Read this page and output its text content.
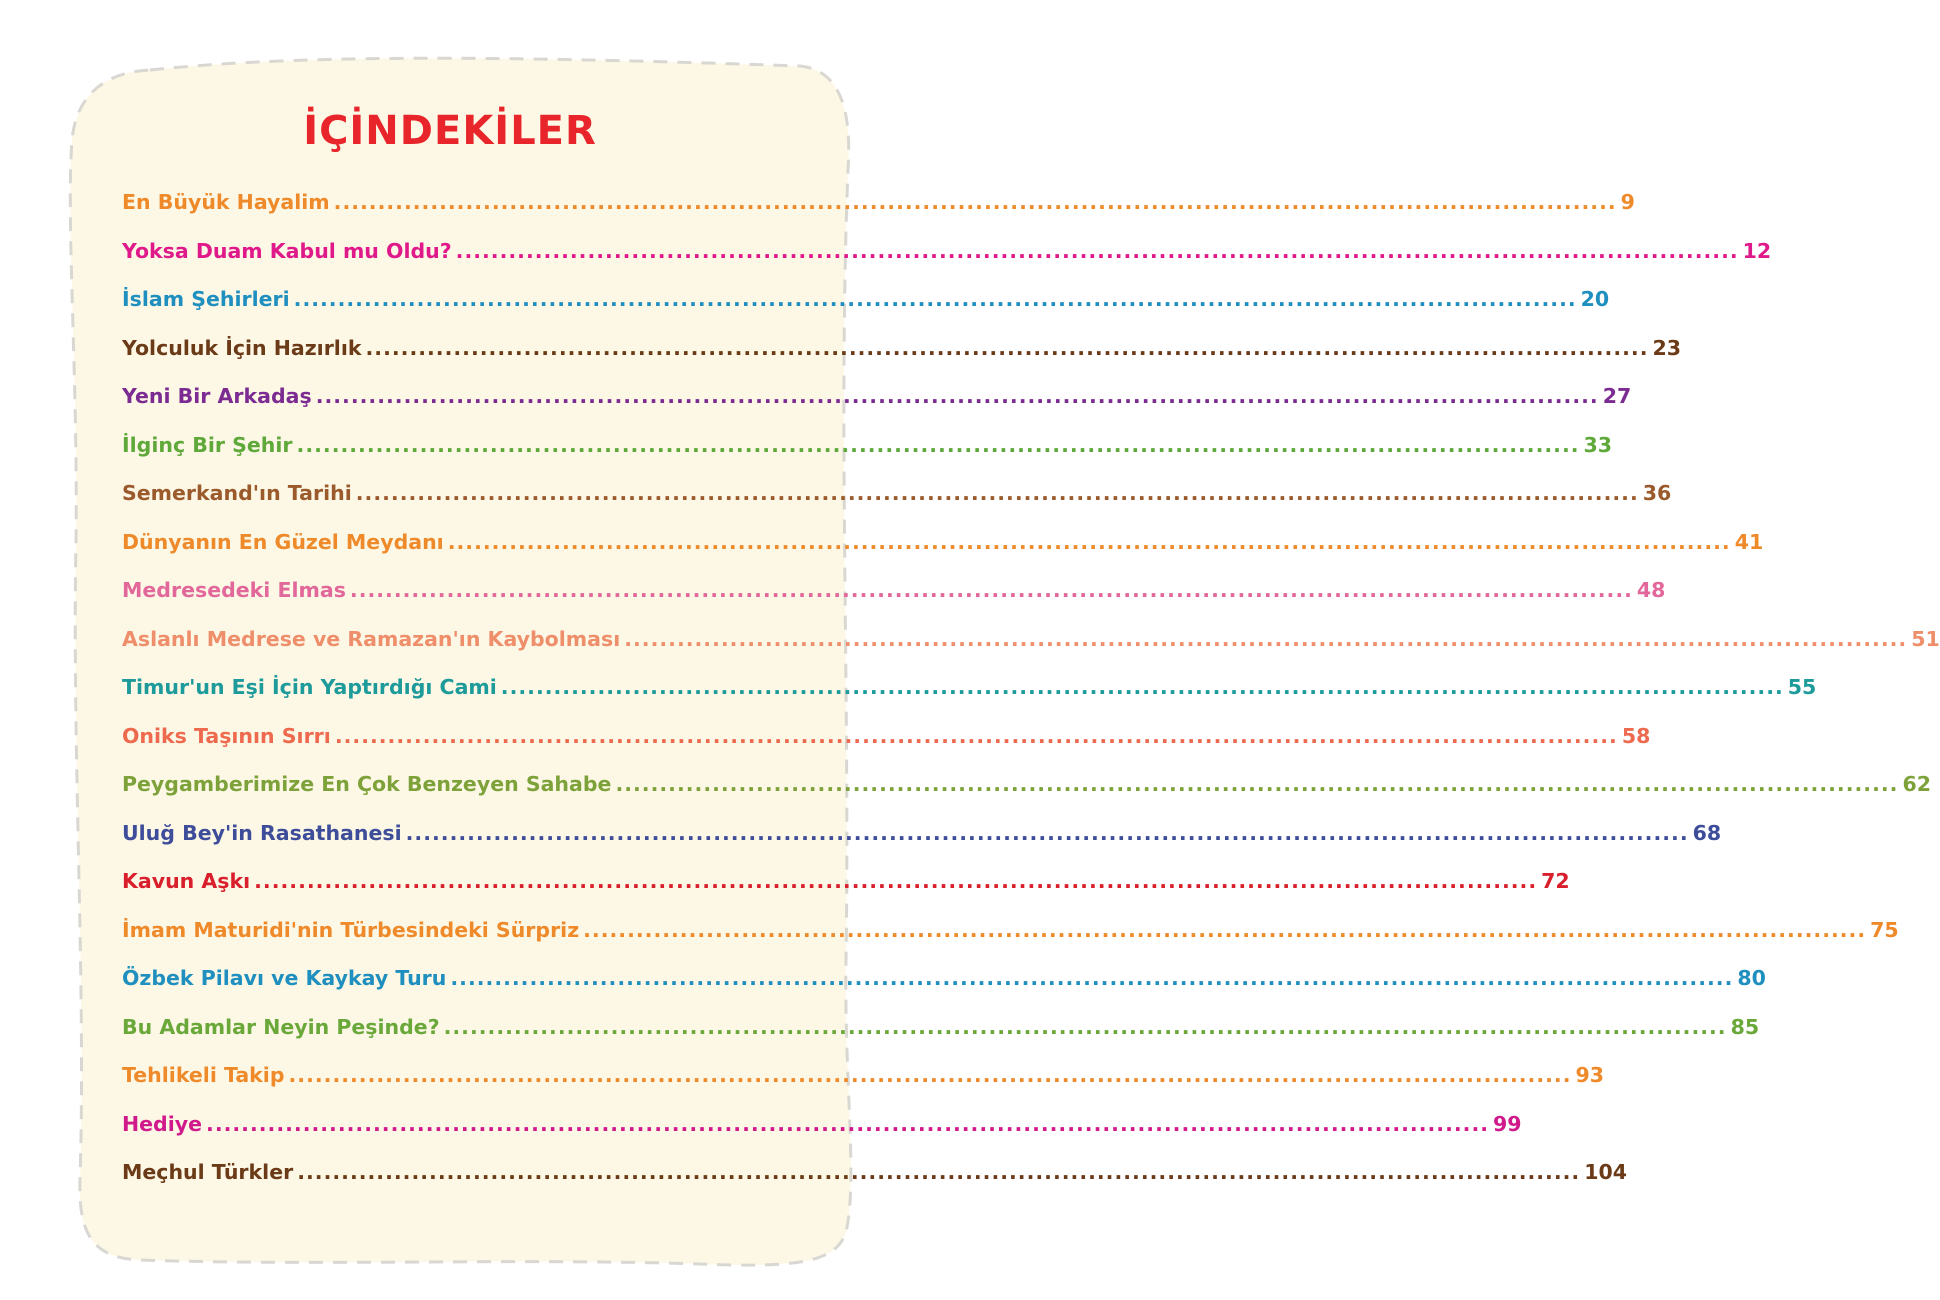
İÇİNDEKİLER
En Büyük Hayalim .................................................................................................................................................. 9
Yoksa Duam Kabul mu Oldu? .................................................................................................................................................. 12
İslam Şehirleri .................................................................................................................................................. 20
Yolculuk İçin Hazırlık .................................................................................................................................................. 23
Yeni Bir Arkadaş .................................................................................................................................................. 27
İlginç Bir Şehir .................................................................................................................................................. 33
Semerkand'ın Tarihi .................................................................................................................................................. 36
Dünyanın En Güzel Meydanı .................................................................................................................................................. 41
Medresedeki Elmas .................................................................................................................................................. 48
Aslanlı Medrese ve Ramazan'ın Kaybolması .................................................................................................................................................. 51
Timur'un Eşi İçin Yaptırdığı Cami .................................................................................................................................................. 55
Oniks Taşının Sırrı .................................................................................................................................................. 58
Peygamberimize En Çok Benzeyen Sahabe .................................................................................................................................................. 62
Uluğ Bey'in Rasathanesi .................................................................................................................................................. 68
Kavun Aşkı .................................................................................................................................................. 72
İmam Maturidi'nin Türbesindeki Sürpriz .................................................................................................................................................. 75
Özbek Pilavı ve Kaykay Turu .................................................................................................................................................. 80
Bu Adamlar Neyin Peşinde? .................................................................................................................................................. 85
Tehlikeli Takip .................................................................................................................................................. 93
Hediye .................................................................................................................................................. 99
Meçhul Türkler .................................................................................................................................................. 104
